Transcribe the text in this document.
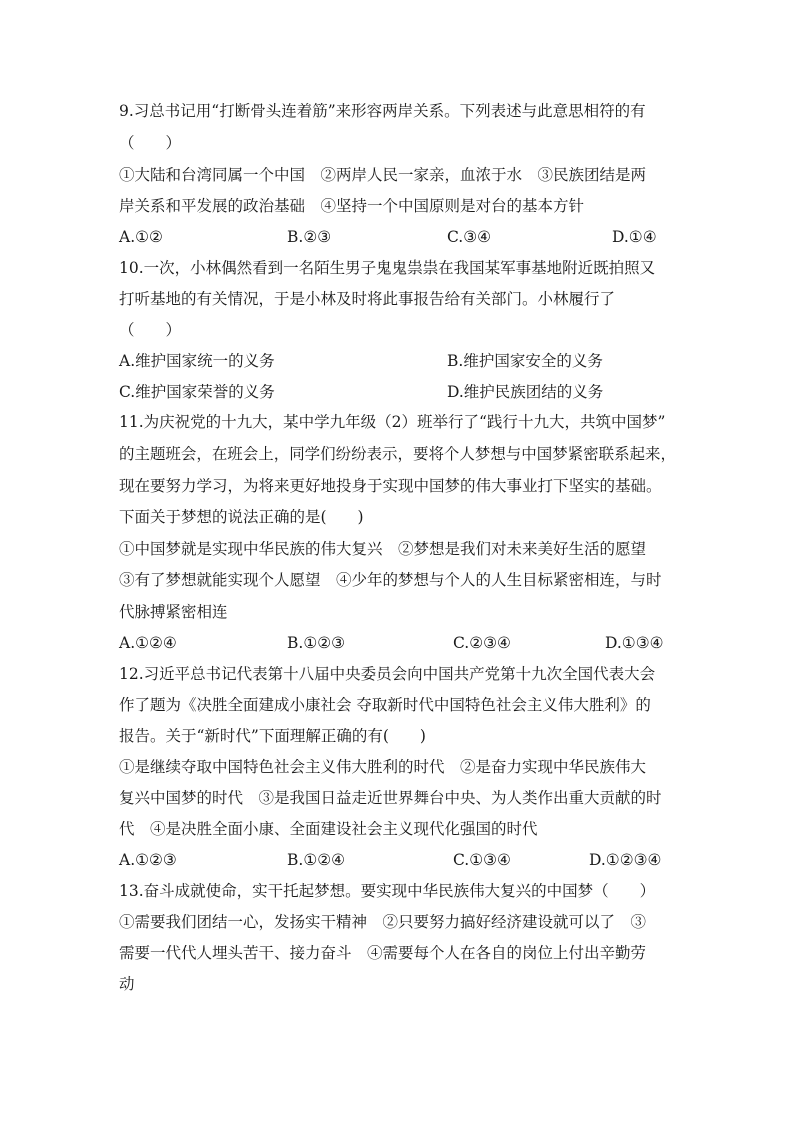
9.习总书记用“打断骨头连着筋”来形容两岸关系。下列表述与此意思相符的有
（　　）
①大陆和台湾同属一个中国　②两岸人民一家亲，血浓于水　③民族团结是两
岸关系和平发展的政治基础　④坚持一个中国原则是对台的基本方针
A.①②	B.②③	C.③④	D.①④
10.一次，小林偶然看到一名陌生男子鬼鬼祟祟在我国某军事基地附近既拍照又
打听基地的有关情况，于是小林及时将此事报告给有关部门。小林履行了
（　　）
A.维护国家统一的义务	B.维护国家安全的义务
C.维护国家荣誉的义务	D.维护民族团结的义务
11.为庆祝党的十九大，某中学九年级（2）班举行了“践行十九大，共筑中国梦”
的主题班会，在班会上，同学们纷纷表示，要将个人梦想与中国梦紧密联系起来，
现在要努力学习，为将来更好地投身于实现中国梦的伟大事业打下坚实的基础。
下面关于梦想的说法正确的是(　　)
①中国梦就是实现中华民族的伟大复兴　②梦想是我们对未来美好生活的愿望
③有了梦想就能实现个人愿望　④少年的梦想与个人的人生目标紧密相连，与时
代脉搏紧密相连
A.①②④	B.①②③	C.②③④	D.①③④
12.习近平总书记代表第十八届中央委员会向中国共产党第十九次全国代表大会
作了题为《决胜全面建成小康社会 夺取新时代中国特色社会主义伟大胜利》的
报告。关于“新时代”下面理解正确的有(　　)
①是继续夺取中国特色社会主义伟大胜利的时代　②是奋力实现中华民族伟大
复兴中国梦的时代　③是我国日益走近世界舞台中央、为人类作出重大贡献的时
代　④是决胜全面小康、全面建设社会主义现代化强国的时代
A.①②③	B.①②④	C.①③④	D.①②③④
13.奋斗成就使命，实干托起梦想。要实现中华民族伟大复兴的中国梦（　　）
①需要我们团结一心，发扬实干精神　②只要努力搞好经济建设就可以了　③
需要一代代人埋头苦干、接力奋斗　④需要每个人在各自的岗位上付出辛勤劳
动
